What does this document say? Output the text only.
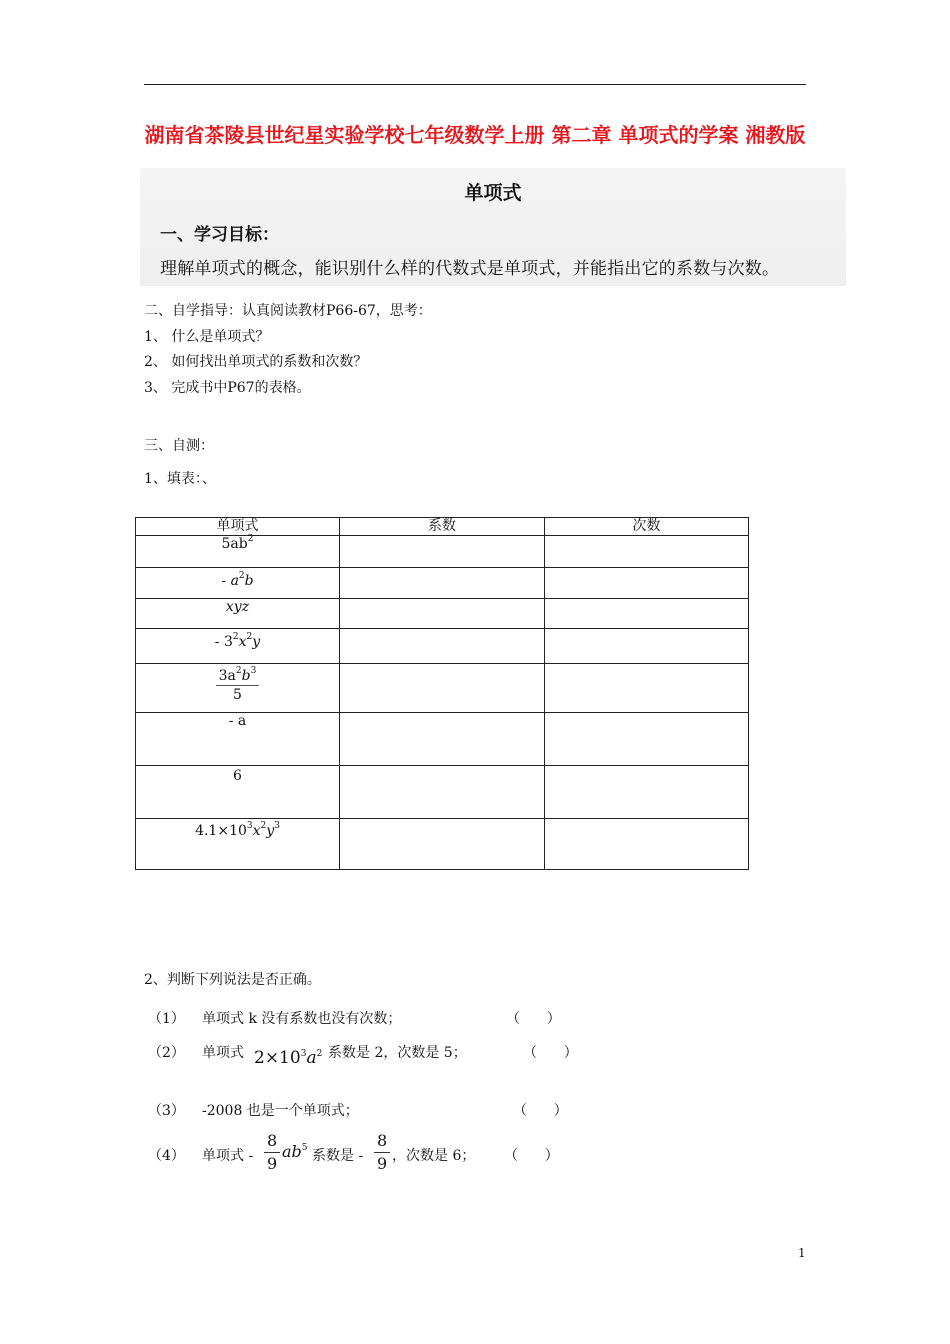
湖南省茶陵县世纪星实验学校七年级数学上册 第二章 单项式的学案 湘教版
单项式
一、学习目标：
理解单项式的概念，能识别什么样的代数式是单项式，并能指出它的系数与次数。
二、自学指导：认真阅读教材P66-67，思考：
1、 什么是单项式？
2、 如何找出单项式的系数和次数？
3、 完成书中P67的表格。
三、自测：
1、填表：、
单项式	系数	次数
$5ab^2$		
- $a^2b$		
xyz		
- $3^2x^2y$		

$\frac{3a^2b^3}{5}$

- a		
6		
$4.1\times 10^3x^2y^3$		
2、判断下列说法是否正确。
（1） 单项式 k 没有系数也没有次数；	（      ）
（2） 单项式 $2\times 10^3a^2$ 系数是 2，次数是 5；	（      ）
（3） -2008 也是一个单项式；	（      ）
（4） 单项式 - $\frac{8}{9} ab^5$ 系数是 - $\frac{8}{9}$ ，次数是 6； （      ）
1
